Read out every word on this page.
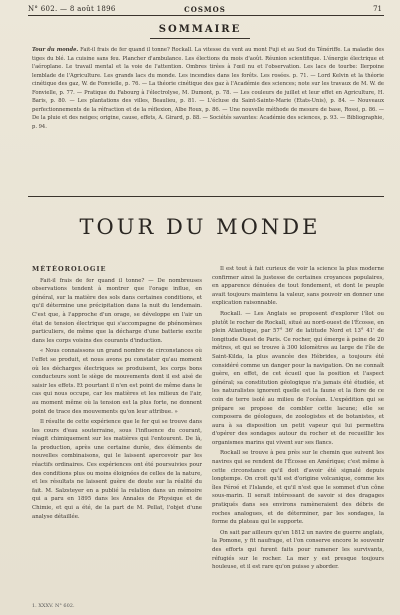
N° 602. — 8 août 1896	COSMOS	71
SOMMAIRE
Tour du monde. Fait-il frais de fer quand il tonne? Rockall. La vitesse du vent au mont Fuji et au Sud du Ténériffe. La maladie des tiges du blé. La cuisine sans feu. Plancher d'ambulance. Les élections du mois d'août. Réunion scientifique. L'énergie électrique et l'aéroplane. Le travail mental et la voie de l'attention. Ombres tirées à l'œil nu et l'observation. Les lacs de tourbe: Ilerpoine lemblade de l'Agriculture. Les grands lacs du monde. Les incendies dans les forêts. Les rosées. p. 71. — Lord Kelvin et la théorie cinétique des gaz, W. de Fonvielle, p. 76. — La théorie cinétique des gaz à l'Académie des sciences; note sur les travaux de M. W. de Fonvielle, p. 77. — Pratique du Fabourg à l'électrolyse, M. Dumont, p. 78. — Les couleurs de juillet et leur effet en Agriculture, H. Baris, p. 80. — Les plantations des villes, Beaulieu, p. 81. — L'écluse du Saint-Sainte-Marie (Etats-Unis), p. 84. — Nouveaux perfectionnements de la réfraction et de la réflexion, Albe Roux, p. 86. — Une nouvelle méthode de mesure de base, Rossi, p. 86. — De la pluie et des neiges; origine, cause, effets, A. Girard, p. 88. — Sociétés savantes: Académie des sciences, p. 93. — Bibliographie, p. 94.
TOUR DU MONDE
MÉTÉOROLOGIE

Fait-il frais de fer quand il tonne? — De nombreuses observations tendent à montrer que l'orage influe, en général, sur la matière des sols dans certaines conditions, et qu'il détermine une précipitation dans la nuit du lendemain. C'est que, à l'approche d'un orage, se développe en l'air un état de tension électrique qui s'accompagne de phénomènes particuliers, de même que la décharge d'une batterie excite dans les corps voisins des courants d'induction.

« Nous connaissons un grand nombre de circonstances où l'effet se produit, et nous avons pu constater qu'au moment où les décharges électriques se produisent, les corps bons conducteurs sont le siège de mouvements dont il est aisé de saisir les effets. Et pourtant il n'en est point de même dans le cas qui nous occupe, car les matières et les milieux de l'air, au moment même où la tension est la plus forte, ne donnent point de trace des mouvements qu'on leur attribue. »

Il résulte de cette expérience que le fer qui se trouve dans les cours d'eau souterraine, sous l'influence du courant, réagit chimiquement sur les matières qui l'entourent. De là, la production, après une certaine durée, des éléments de nouvelles combinaisons, qui le laissent apercevoir par les réactifs ordinaires. Ces expériences ont été poursuivies pour des conditions plus ou moins éloignées de celles de la nature, et les résultats ne laissent guère de doute sur la réalité du fait. M. Salzsteyer en a publié la relation dans un mémoire qui a paru en 1895 dans les Annales de Physique et de Chimie, et qui a été, de la part de M. Pellat, l'objet d'une analyse détaillée.

Il est tout à fait curieux de voir la science la plus moderne confirmer ainsi la justesse de certaines croyances populaires, en apparence dénuées de tout fondement, et dont le peuple avait toujours maintenu la valeur, sans pouvoir en donner une explication raisonnable.

Rockall. — Les Anglais se proposent d'explorer l'îlot ou plutôt le rocher de Rockall, situé au nord-ouest de l'Écosse, en plein Atlantique, par 57° 36' de latitude Nord et 13° 41' de longitude Ouest de Paris. Ce rocher, qui émerge à peine de 20 mètres, et qui se trouve à 300 kilomètres au large de l'île de Saint-Kilda, la plus avancée des Hébrides, a toujours été considéré comme un danger pour la navigation. On ne connaît guère, en effet, de cet écueil que la position et l'aspect général; sa constitution géologique n'a jamais été étudiée, et les naturalistes ignorent quelle est la faune et la flore de ce coin de terre isolé au milieu de l'océan. L'expédition qui se prépare se propose de combler cette lacune; elle se composera de géologues, de zoologistes et de botanistes, et aura à sa disposition un petit vapeur qui lui permettra d'opérer des sondages autour du rocher et de recueillir les organismes marins qui vivent sur ses flancs.

Rockall se trouve à peu près sur le chemin que suivent les navires qui se rendent de l'Écosse en Amérique; c'est même à cette circonstance qu'il doit d'avoir été signalé depuis longtemps. On croit qu'il est d'origine volcanique, comme les îles Féroé et l'Islande, et qu'il n'est que le sommet d'un cône sous-marin. Il serait intéressant de savoir si des dragages pratiqués dans ses environs ramèneraient des débris de roches analogues, et de déterminer, par les sondages, la forme du plateau qui le supporte.

On sait par ailleurs qu'en 1812 un navire de guerre anglais, la Pomone, y fit naufrage, et l'on conserve encore le souvenir des efforts qui furent faits pour ramener les survivants, réfugiés sur le rocher. La mer y est presque toujours houleuse, et il est rare qu'on puisse y aborder.

1. XXXV. N° 602.
